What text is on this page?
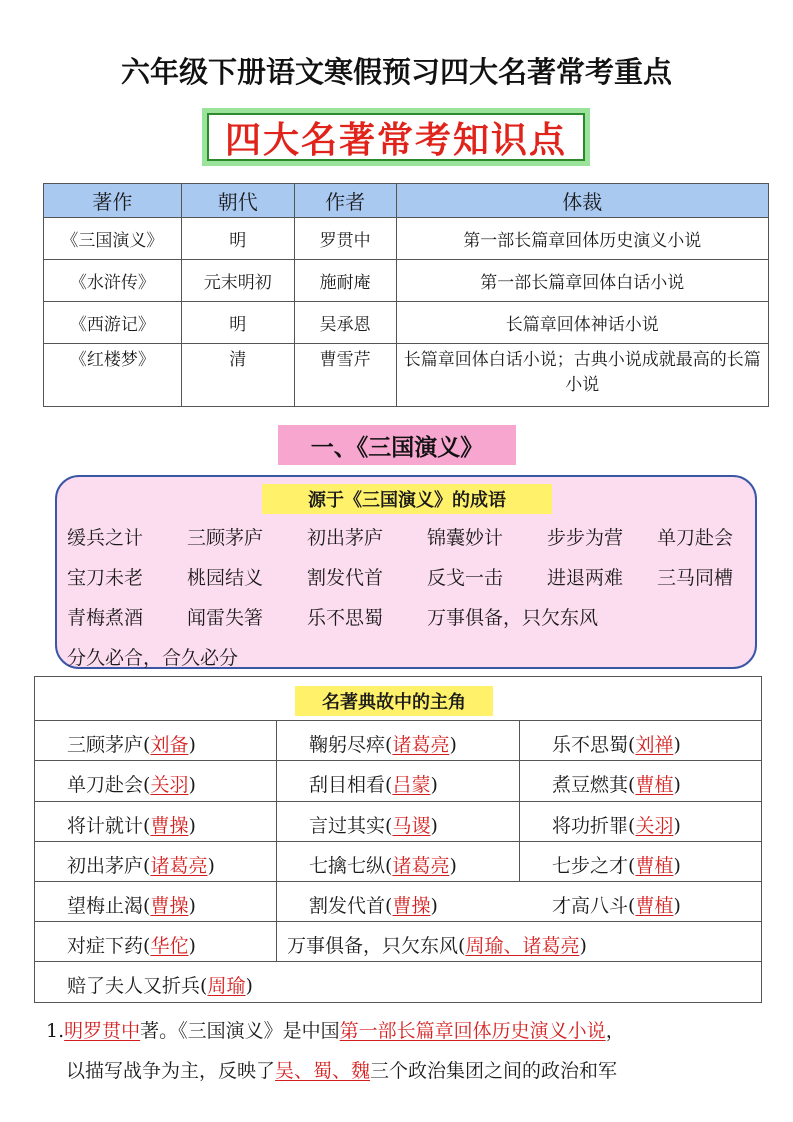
六年级下册语文寒假预习四大名著常考重点
四大名著常考知识点
著作	朝代	作者	体裁
《三国演义》	明	罗贯中	第一部长篇章回体历史演义小说
《水浒传》	元末明初	施耐庵	第一部长篇章回体白话小说
《西游记》	明	吴承恩	长篇章回体神话小说
《红楼梦》	清	曹雪芹	长篇章回体白话小说；古典小说成就最高的长篇小说
一、《三国演义》
源于《三国演义》的成语
缓兵之计 三顾茅庐 初出茅庐 锦囊妙计 步步为营 单刀赴会
宝刀未老 桃园结义 割发代首 反戈一击 进退两难 三马同槽
青梅煮酒 闻雷失箸 乐不思蜀 万事俱备，只欠东风
分久必合，合久必分
名著典故中的主角
三顾茅庐(刘备)	鞠躬尽瘁(诸葛亮)	乐不思蜀(刘禅)
单刀赴会(关羽)	刮目相看(吕蒙)	煮豆燃萁(曹植)
将计就计(曹操)	言过其实(马谡)	将功折罪(关羽)
初出茅庐(诸葛亮)	七擒七纵(诸葛亮)	七步之才(曹植)
望梅止渴(曹操)	割发代首(曹操)	才高八斗(曹植)
对症下药(华佗)	万事俱备，只欠东风(周瑜、诸葛亮)
赔了夫人又折兵(周瑜)
1.明罗贯中著。《三国演义》是中国第一部长篇章回体历史演义小说，
以描写战争为主，反映了吴、蜀、魏三个政治集团之间的政治和军
